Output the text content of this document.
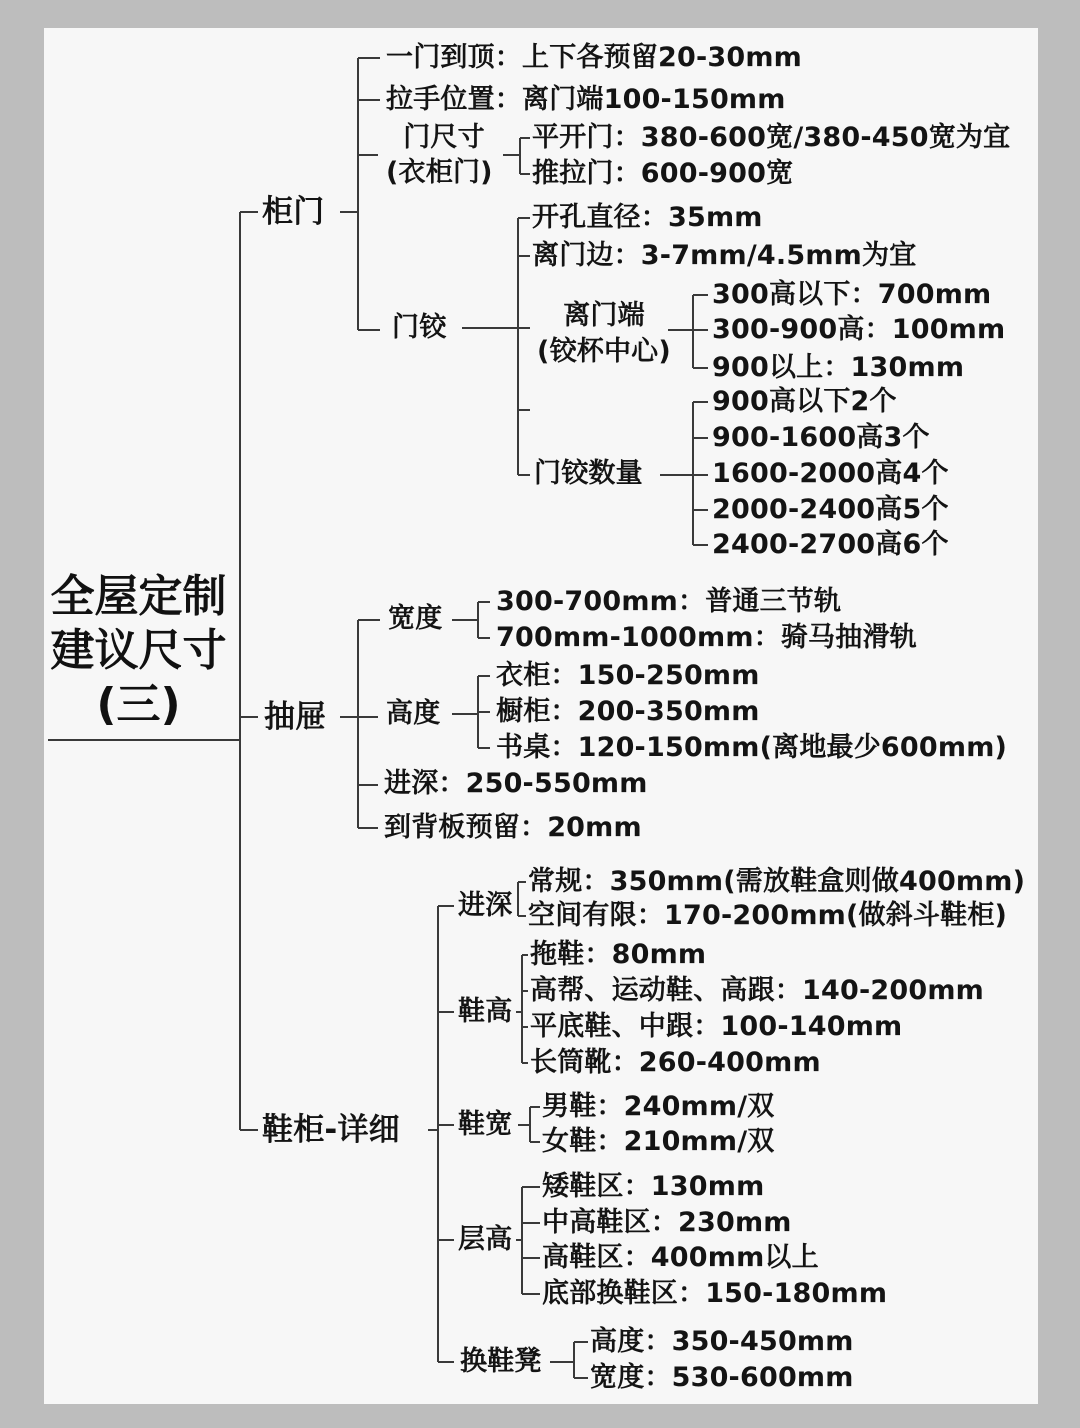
全屋定制
建议尺寸
(三)
柜门
抽屉
鞋柜-详细
一门到顶：上下各预留20-30mm
拉手位置：离门端100-150mm
门尺寸
(衣柜门)
平开门：380-600宽/380-450宽为宜
推拉门：600-900宽
门铰
开孔直径：35mm
离门边：3-7mm/4.5mm为宜
离门端
(铰杯中心)
300高以下：700mm
300-900高：100mm
900以上：130mm
门铰数量
900高以下2个
900-1600高3个
1600-2000高4个
2000-2400高5个
2400-2700高6个
宽度
300-700mm：普通三节轨
700mm-1000mm：骑马抽滑轨
高度
衣柜：150-250mm
橱柜：200-350mm
书桌：120-150mm(离地最少600mm)
进深：250-550mm
到背板预留：20mm
进深
常规：350mm(需放鞋盒则做400mm)
空间有限：170-200mm(做斜斗鞋柜)
鞋高
拖鞋：80mm
高帮、运动鞋、高跟：140-200mm
平底鞋、中跟：100-140mm
长筒靴：260-400mm
鞋宽
男鞋：240mm/双
女鞋：210mm/双
层高
矮鞋区：130mm
中高鞋区：230mm
高鞋区：400mm以上
底部换鞋区：150-180mm
换鞋凳
高度：350-450mm
宽度：530-600mm
